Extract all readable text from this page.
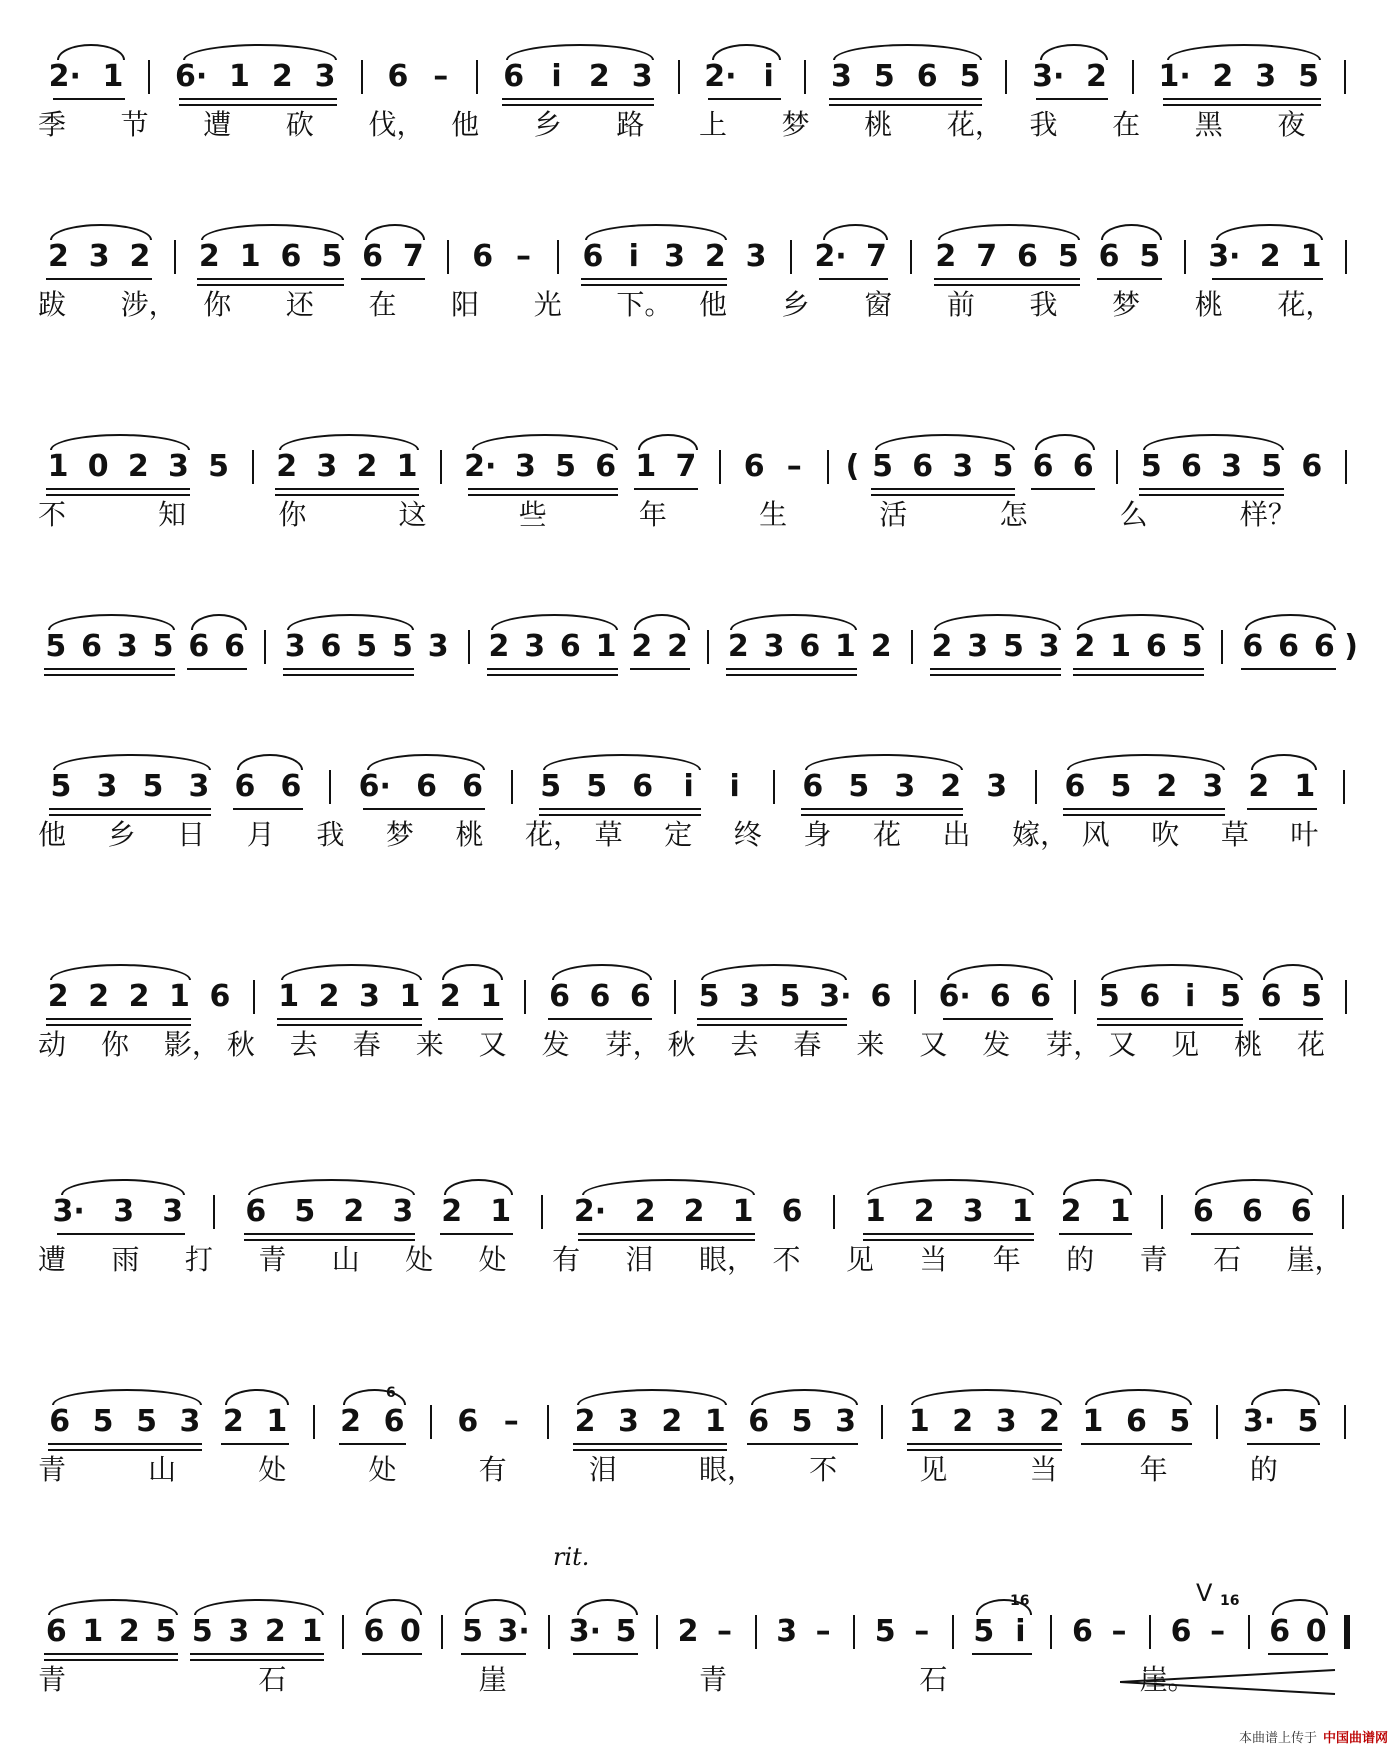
2· 1	6· 1 2 3	6 –	6 i 2 3	2· i	3 5 6 5	3· 2	1· 2 3 5
季	节	遭	砍	伐， 他	乡	路	上	梦	桃	花， 我	在	黑	夜
2 3 2	2 1 6 5 6 7	6 –	6 i 3 2 3	2· 7	2 7 6 5 6 5	3· 2 1
跋	涉， 你	还	在	阳	光	下。 他	乡	窗	前	我	梦	桃	花，
1 0 2 3 5	2 3 2 1	2· 3 5 6 1 7	6 –	( 5 6 3 5 6 6	5 6 3 5 6
不	知	你	这	些	年	生	活	怎	么	样？
5 6 3 5 6 6 3 6 5 5 3 2 3 6 1 2 2 2 3 6 1 2 2 3 5 3 2 1 6 5 6 6 6 )
5 3 5 3 6 6	6· 6 6	5 5 6	i	i	6 5 3 2 3	6 5 2 3 2 1
他	乡	日	月	我	梦	桃	花， 草	定	终	身	花	出	嫁， 风	吹	草	叶
2 2 2 1 6	1 2 3 1 2 1	6 6 6	5 3 5 3· 6	6· 6 6	5 6 i 5 6 5
动	你	影， 秋	去	春	来	又	发	芽， 秋	去	春	来	又	发	芽， 又	见	桃	花
3· 3 3	6 5 2 3 2 1	2· 2 2 1 6	1 2 3 1 2 1	6 6 6
遭	雨	打	青	山	处	处	有	泪	眼， 不	见	当	年	的	青	石	崖，
6 5 5 3 2 1	2 6	6 –	2 3 2 1 6 5 3	1 2 3 2 1 6 5	3· 5
青	山	处	处	有	泪	眼，	不	见	当	年	的
6 1 2 5 5 3 2 1 6 0 5 3· 3· 5 2 –	3 –	5 –	5 i	6 –	6 –	6 0
青	石	崖	青	石	崖。
V
16	16
6
rit.
本曲谱上传于 中国曲谱网
